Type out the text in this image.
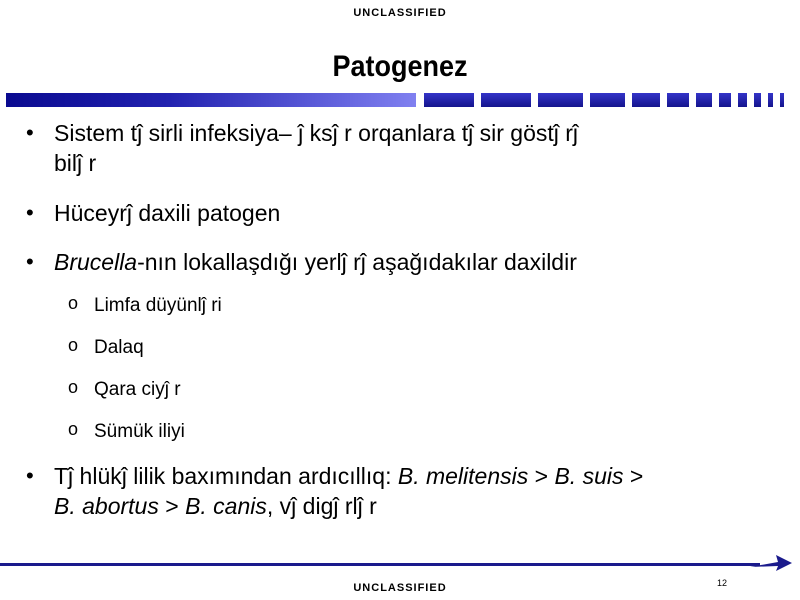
UNCLASSIFIED
Patogenez
• Sistem tĵ sirli infeksiya– ĵ ksĵ r orqanlara tĵ sir göstĵ rĵ
bilĵ r
• Hüceyrĵ daxili patogen
• Brucella-nın lokallaşdığı yerlĵ rĵ aşağıdakılar daxildir
o Limfa düyünlĵ ri
o Dalaq
o Qara ciyĵ r
o Sümük iliyi
• Tĵ hlükĵ lilik baxımından ardıcıllıq: B. melitensis > B. suis >
B. abortus > B. canis, vĵ digĵ rlĵ r
12
UNCLASSIFIED
